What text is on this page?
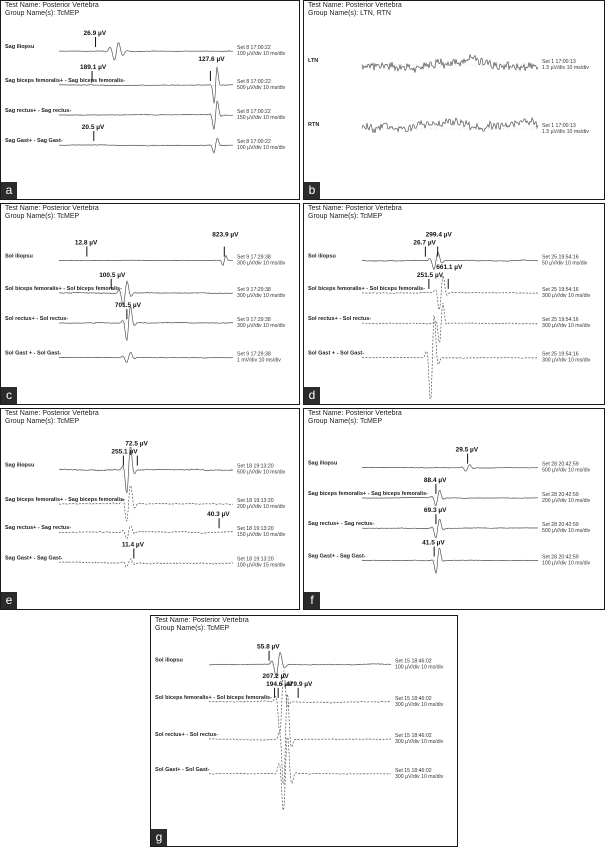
Test Name: Posterior Vertebra
Group Name(s): TcMEP
Sag iliopsu	Set 8 17:00:22
100 µV/div 10 ms/div
26.9 µV
Sag biceps femoralis+ - Sag biceps femoralis-	Set 8 17:00:22
500 µV/div 10 ms/div
189.1 µV
127.6 µV
Sag rectus+ - Sag rectus-	Set 8 17:00:22
150 µV/div 10 ms/div
Sag Gast+ - Sag Gast-	Set 8 17:00:22
100 µV/div 10 ms/div
20.5 µV
a
Test Name: Posterior Vertebra
Group Name(s): LTN, RTN
LTN	Set 1 17:00:13
1.5 µV/div 10 ms/div
RTN	Set 1 17:00:13
1.5 µV/div 10 ms/div
b
Test Name: Posterior Vertebra
Group Name(s): TcMEP
Sol iliopsu	Set 9 17:29:38
300 µV/div 10 ms/div
12.8 µV
823.9 µV
Sol biceps femoralis+ - Sol biceps femoralis-	Set 9 17:29:38
300 µV/div 10 ms/div
100.5 µV
Sol rectus+ - Sol rectus-	Set 9 17:29:38
300 µV/div 10 ms/div
701.5 µV
Sol Gast + - Sol Gast-	Set 9 17:29:38
1 mV/div 10 ms/div
c
Test Name: Posterior Vertebra
Group Name(s): TcMEP
Sol iliopsu	Set 25 19:54:16
50 µV/div 10 ms/div
26.7 µV
299.4 µV
Sol biceps femoralis+ - Sol biceps femoralis-	Set 25 19:54:16
300 µV/div 10 ms/div
251.5 µV
661.1 µV
Sol rectus+ - Sol rectus-	Set 25 19:54:16
300 µV/div 10 ms/div
Sol Gast + - Sol Gast-	Set 25 19:54:16
300 µV/div 10 ms/div
d
Test Name: Posterior Vertebra
Group Name(s): TcMEP
Sag iliopsu	Set 18 19:13:20
500 µV/div 10 ms/div
255.1 µV
72.5 µV
Sag biceps femoralis+ - Sag biceps femoralis-	Set 18 19:13:20
200 µV/div 10 ms/div
Sag rectus+ - Sag rectus-	Set 18 19:13:20
150 µV/div 10 ms/div
40.3 µV
Sag Gast+ - Sag Gast-	Set 18 19:13:20
100 µV/div 15 ms/div
11.4 µV
e
Test Name: Posterior Vertebra
Group Name(s): TcMEP
Sag iliopsu	Set 28 20:42:59
500 µV/div 10 ms/div
29.5 µV
Sag biceps femoralis+ - Sag biceps femoralis-	Set 28 20:42:59
200 µV/div 10 ms/div
88.4 µV
Sag rectus+ - Sag rectus-	Set 28 20:42:59
500 µV/div 10 ms/div
69.3 µV
Sag Gast+ - Sag Gast-	Set 28 20:42:59
100 µV/div 10 ms/div
41.5 µV
f
Test Name: Posterior Vertebra
Group Name(s): TcMEP
Sol iliopsu	Set 15 18:46:02
100 µV/div 10 ms/div
55.8 µV
Sol biceps femoralis+ - Sol biceps femoralis-	Set 15 18:46:02
300 µV/div 10 ms/div
194.6 µV
207.2 µV
479.9 µV
Sol rectus+ - Sol rectus-	Set 15 18:46:02
300 µV/div 10 ms/div
Sol Gast+ - Sol Gast-	Set 15 18:46:02
300 µV/div 10 ms/div
g
